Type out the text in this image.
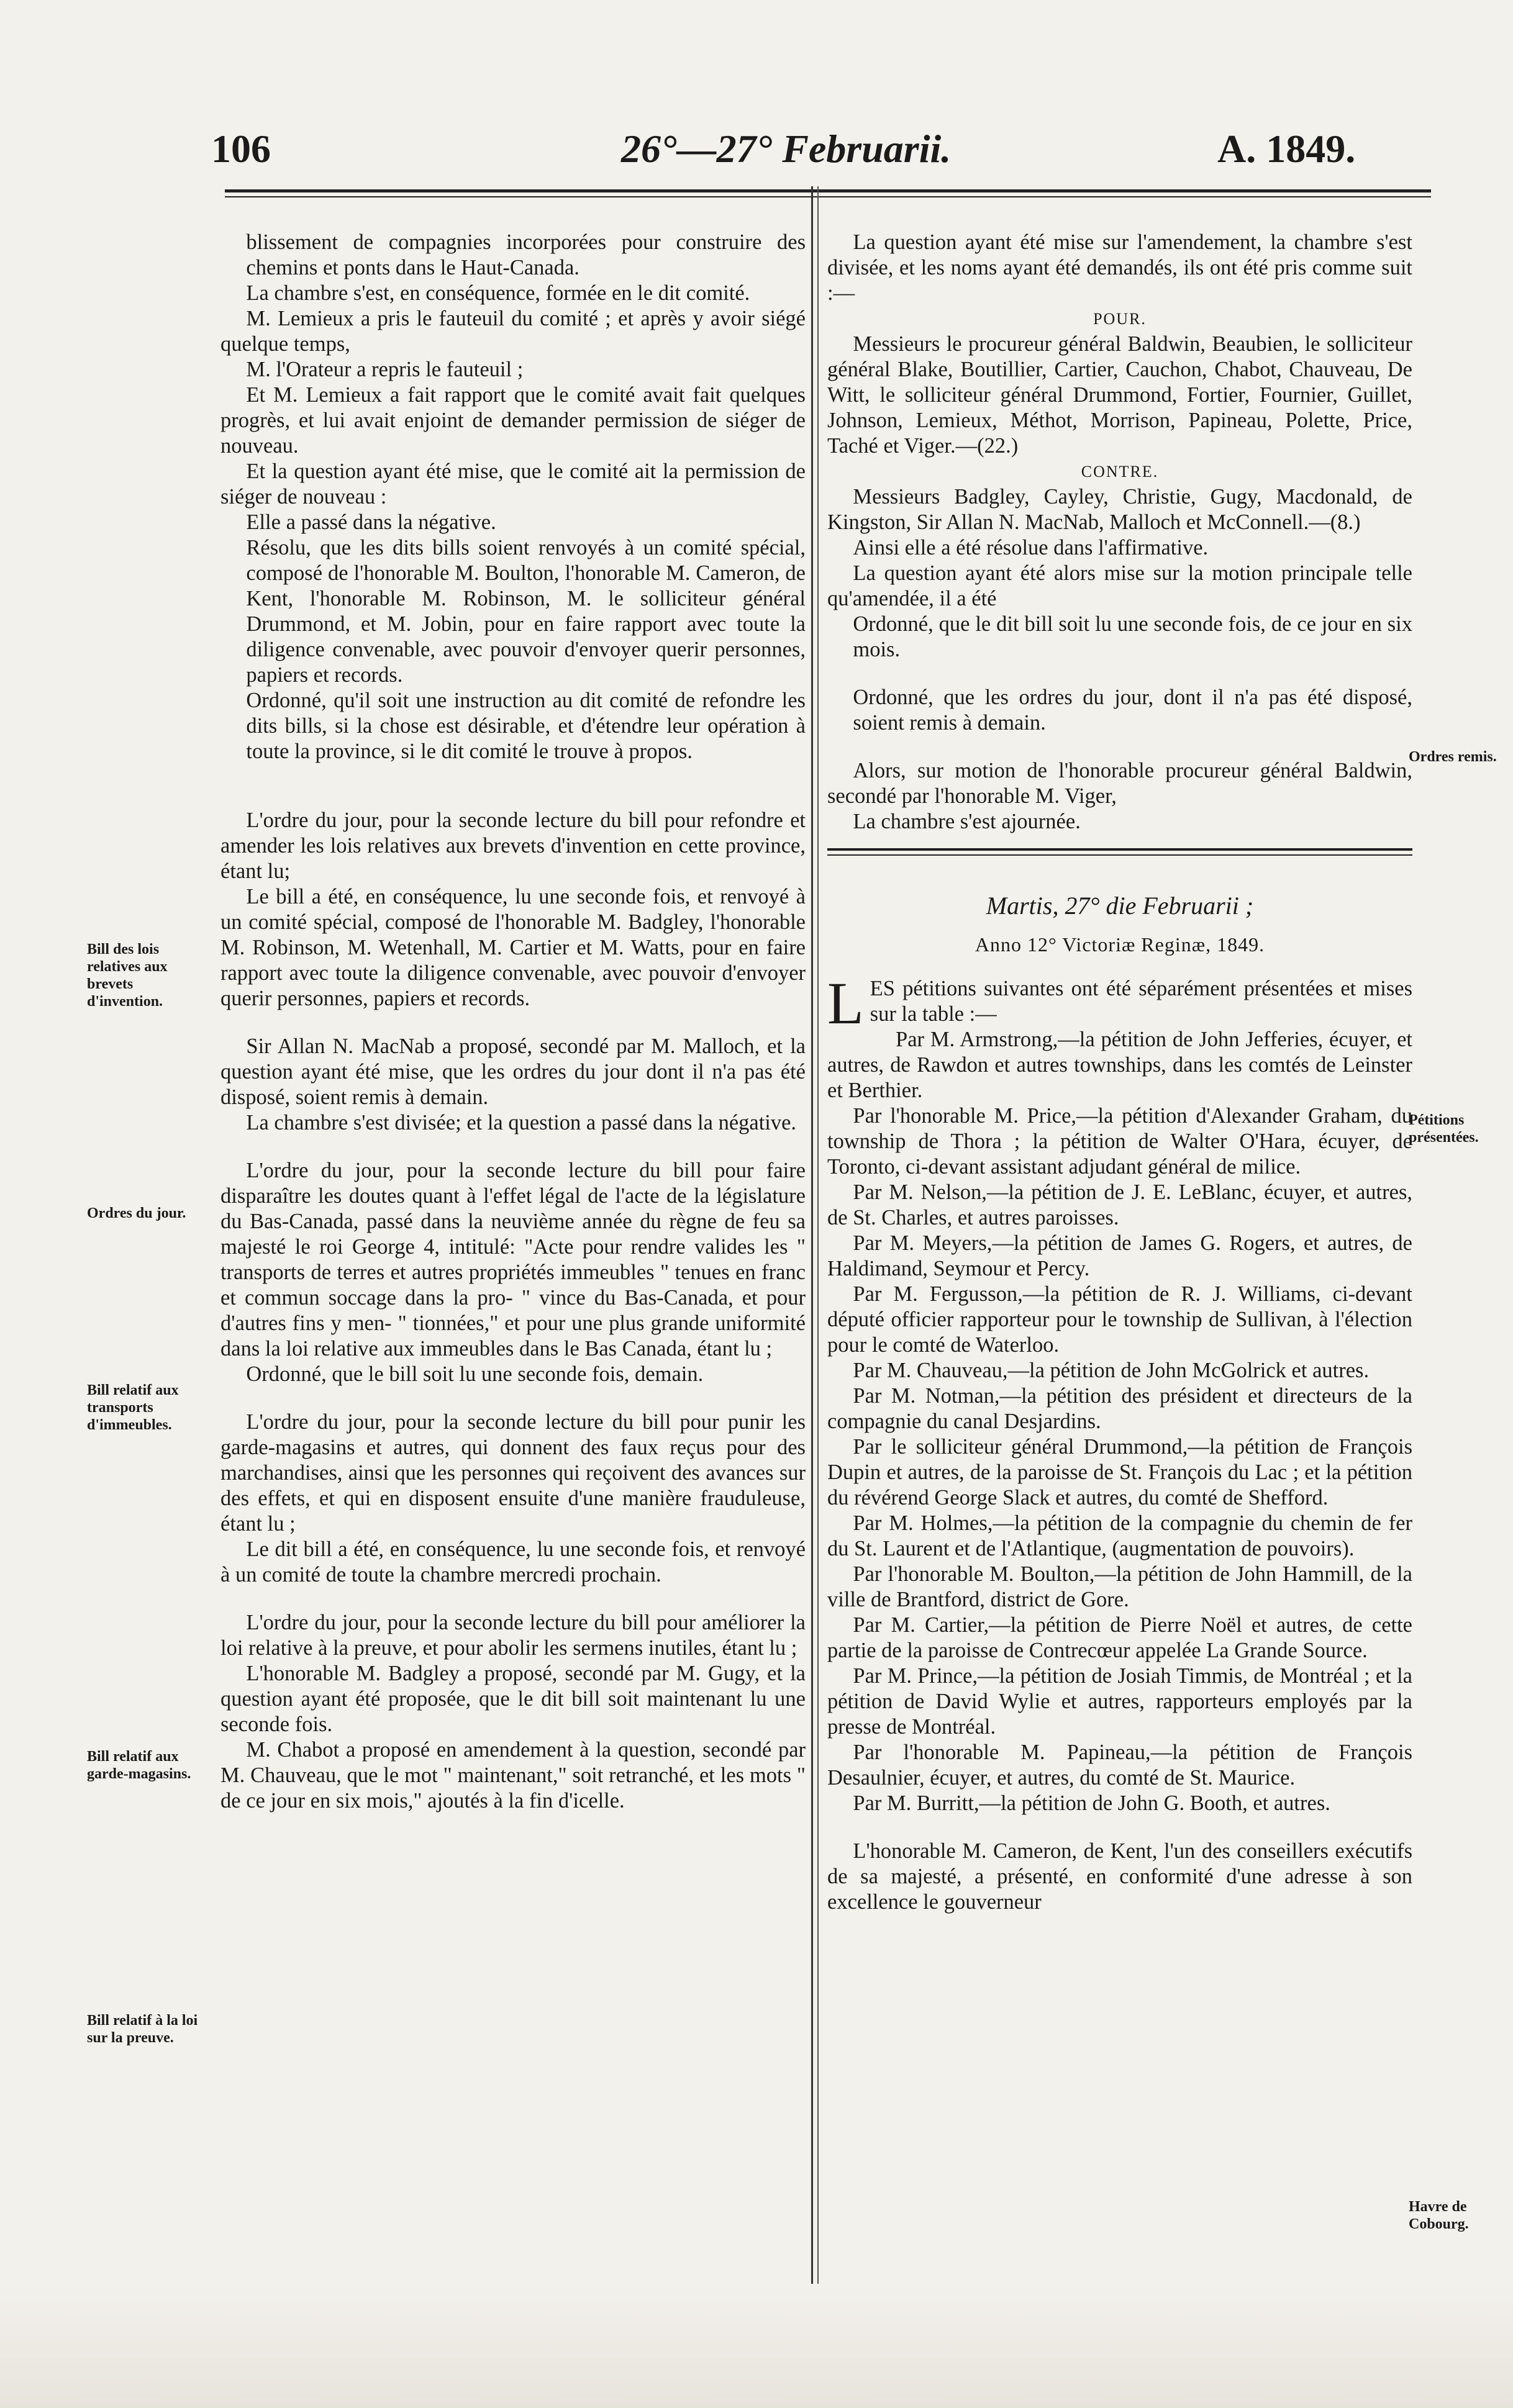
106	26°—27° Februarii.	A. 1849.

blissement de compagnies incorporées pour construire des chemins et ponts dans le Haut-Canada.

La chambre s'est, en conséquence, formée en le dit comité.

M. Lemieux a pris le fauteuil du comité ; et après y avoir siégé quelque temps,

M. l'Orateur a repris le fauteuil ;

Et M. Lemieux a fait rapport que le comité avait fait quelques progrès, et lui avait enjoint de demander permission de siéger de nouveau.

Et la question ayant été mise, que le comité ait la permission de siéger de nouveau :

Elle a passé dans la négative.

Résolu, que les dits bills soient renvoyés à un comité spécial, composé de l'honorable M. Boulton, l'honorable M. Cameron, de Kent, l'honorable M. Robinson, M. le solliciteur général Drummond, et M. Jobin, pour en faire rapport avec toute la diligence convenable, avec pouvoir d'envoyer querir personnes, papiers et records.

Ordonné, qu'il soit une instruction au dit comité de refondre les dits bills, si la chose est désirable, et d'étendre leur opération à toute la province, si le dit comité le trouve à propos.

L'ordre du jour, pour la seconde lecture du bill pour refondre et amender les lois relatives aux brevets d'invention en cette province, étant lu;

Le bill a été, en conséquence, lu une seconde fois, et renvoyé à un comité spécial, composé de l'honorable M. Badgley, l'honorable M. Robinson, M. Wetenhall, M. Cartier et M. Watts, pour en faire rapport avec toute la diligence convenable, avec pouvoir d'envoyer querir personnes, papiers et records.

Sir Allan N. MacNab a proposé, secondé par M. Malloch, et la question ayant été mise, que les ordres du jour dont il n'a pas été disposé, soient remis à demain.

La chambre s'est divisée; et la question a passé dans la négative.

L'ordre du jour, pour la seconde lecture du bill pour faire disparaître les doutes quant à l'effet légal de l'acte de la législature du Bas-Canada, passé dans la neuvième année du règne de feu sa majesté le roi George 4, intitulé: "Acte pour rendre valides les " transports de terres et autres propriétés immeubles " tenues en franc et commun soccage dans la pro- " vince du Bas-Canada, et pour d'autres fins y men- " tionnées," et pour une plus grande uniformité dans la loi relative aux immeubles dans le Bas Canada, étant lu ;

Ordonné, que le bill soit lu une seconde fois, demain.

L'ordre du jour, pour la seconde lecture du bill pour punir les garde-magasins et autres, qui donnent des faux reçus pour des marchandises, ainsi que les personnes qui reçoivent des avances sur des effets, et qui en disposent ensuite d'une manière frauduleuse, étant lu ;

Le dit bill a été, en conséquence, lu une seconde fois, et renvoyé à un comité de toute la chambre mercredi prochain.

L'ordre du jour, pour la seconde lecture du bill pour améliorer la loi relative à la preuve, et pour abolir les sermens inutiles, étant lu ;

L'honorable M. Badgley a proposé, secondé par M. Gugy, et la question ayant été proposée, que le dit bill soit maintenant lu une seconde fois.

M. Chabot a proposé en amendement à la question, secondé par M. Chauveau, que le mot " maintenant," soit retranché, et les mots " de ce jour en six mois," ajoutés à la fin d'icelle.

La question ayant été mise sur l'amendement, la chambre s'est divisée, et les noms ayant été demandés, ils ont été pris comme suit :—

POUR.

Messieurs le procureur général Baldwin, Beaubien, le solliciteur général Blake, Boutillier, Cartier, Cauchon, Chabot, Chauveau, De Witt, le solliciteur général Drummond, Fortier, Fournier, Guillet, Johnson, Lemieux, Méthot, Morrison, Papineau, Polette, Price, Taché et Viger.—(22.)

CONTRE.

Messieurs Badgley, Cayley, Christie, Gugy, Macdonald, de Kingston, Sir Allan N. MacNab, Malloch et McConnell.—(8.)

Ainsi elle a été résolue dans l'affirmative.

La question ayant été alors mise sur la motion principale telle qu'amendée, il a été

Ordonné, que le dit bill soit lu une seconde fois, de ce jour en six mois.

Ordonné, que les ordres du jour, dont il n'a pas été disposé, soient remis à demain.

Alors, sur motion de l'honorable procureur général Baldwin, secondé par l'honorable M. Viger,

La chambre s'est ajournée.

Martis, 27° die Februarii ;

Anno 12° Victoriæ Reginæ, 1849.

LES pétitions suivantes ont été séparément présentées et mises sur la table :—

Par M. Armstrong,—la pétition de John Jefferies, écuyer, et autres, de Rawdon et autres townships, dans les comtés de Leinster et Berthier.

Par l'honorable M. Price,—la pétition d'Alexander Graham, du township de Thora ; la pétition de Walter O'Hara, écuyer, de Toronto, ci-devant assistant adjudant général de milice.

Par M. Nelson,—la pétition de J. E. LeBlanc, écuyer, et autres, de St. Charles, et autres paroisses.

Par M. Meyers,—la pétition de James G. Rogers, et autres, de Haldimand, Seymour et Percy.

Par M. Fergusson,—la pétition de R. J. Williams, ci-devant député officier rapporteur pour le township de Sullivan, à l'élection pour le comté de Waterloo.

Par M. Chauveau,—la pétition de John McGolrick et autres.

Par M. Notman,—la pétition des président et directeurs de la compagnie du canal Desjardins.

Par le solliciteur général Drummond,—la pétition de François Dupin et autres, de la paroisse de St. François du Lac ; et la pétition du révérend George Slack et autres, du comté de Shefford.

Par M. Holmes,—la pétition de la compagnie du chemin de fer du St. Laurent et de l'Atlantique, (augmentation de pouvoirs).

Par l'honorable M. Boulton,—la pétition de John Hammill, de la ville de Brantford, district de Gore.

Par M. Cartier,—la pétition de Pierre Noël et autres, de cette partie de la paroisse de Contrecœur appelée La Grande Source.

Par M. Prince,—la pétition de Josiah Timmis, de Montréal ; et la pétition de David Wylie et autres, rapporteurs employés par la presse de Montréal.

Par l'honorable M. Papineau,—la pétition de François Desaulnier, écuyer, et autres, du comté de St. Maurice.

Par M. Burritt,—la pétition de John G. Booth, et autres.

L'honorable M. Cameron, de Kent, l'un des conseillers exécutifs de sa majesté, a présenté, en conformité d'une adresse à son excellence le gouverneur

Bill des lois relatives aux brevets d'invention.
Ordres du jour.
Bill relatif aux transports d'immeubles.
Bill relatif aux garde-magasins.
Bill relatif à la loi sur la preuve.
Ordres remis.
Pétitions présentées.
Havre de Cobourg.
